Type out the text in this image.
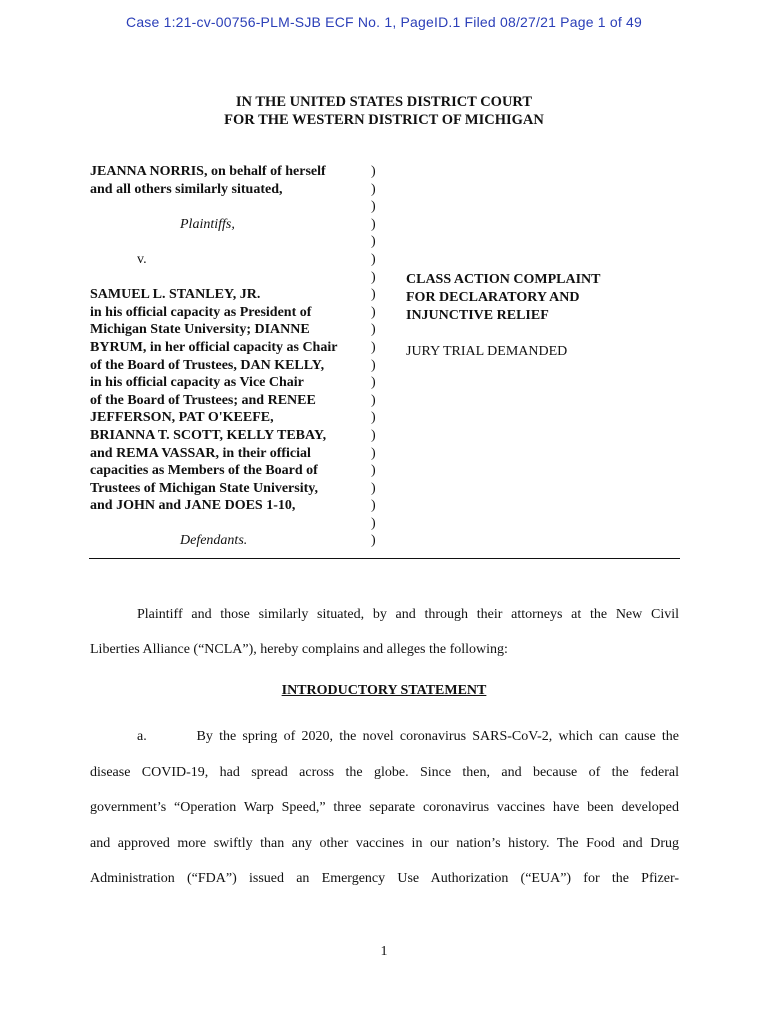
Case 1:21-cv-00756-PLM-SJB ECF No. 1, PageID.1 Filed 08/27/21 Page 1 of 49
IN THE UNITED STATES DISTRICT COURT
FOR THE WESTERN DISTRICT OF MICHIGAN
JEANNA NORRIS, on behalf of herself
and all others similarly situated,

Plaintiffs,

v.

SAMUEL L. STANLEY, JR.
in his official capacity as President of
Michigan State University; DIANNE
BYRUM, in her official capacity as Chair
of the Board of Trustees, DAN KELLY,
in his official capacity as Vice Chair
of the Board of Trustees; and RENEE
JEFFERSON, PAT O'KEEFE,
BRIANNA T. SCOTT, KELLY TEBAY,
and REMA VASSAR, in their official
capacities as Members of the Board of
Trustees of Michigan State University,
and JOHN and JANE DOES 1-10,

Defendants.
)
)
)
)
)
)
)
)
)
)
)
)
)
)
)
)
)
)
)
)
)
)
CLASS ACTION COMPLAINT
FOR DECLARATORY AND
INJUNCTIVE RELIEF

JURY TRIAL DEMANDED
Plaintiff and those similarly situated, by and through their attorneys at the New Civil
Liberties Alliance (“NCLA”), hereby complains and alleges the following:
INTRODUCTORY STATEMENT
a.        By the spring of 2020, the novel coronavirus SARS-CoV-2, which can cause the
disease COVID-19, had spread across the globe. Since then, and because of the federal
government’s “Operation Warp Speed,” three separate coronavirus vaccines have been developed
and approved more swiftly than any other vaccines in our nation’s history. The Food and Drug
Administration (“FDA”) issued an Emergency Use Authorization (“EUA”) for the Pfizer-
1
